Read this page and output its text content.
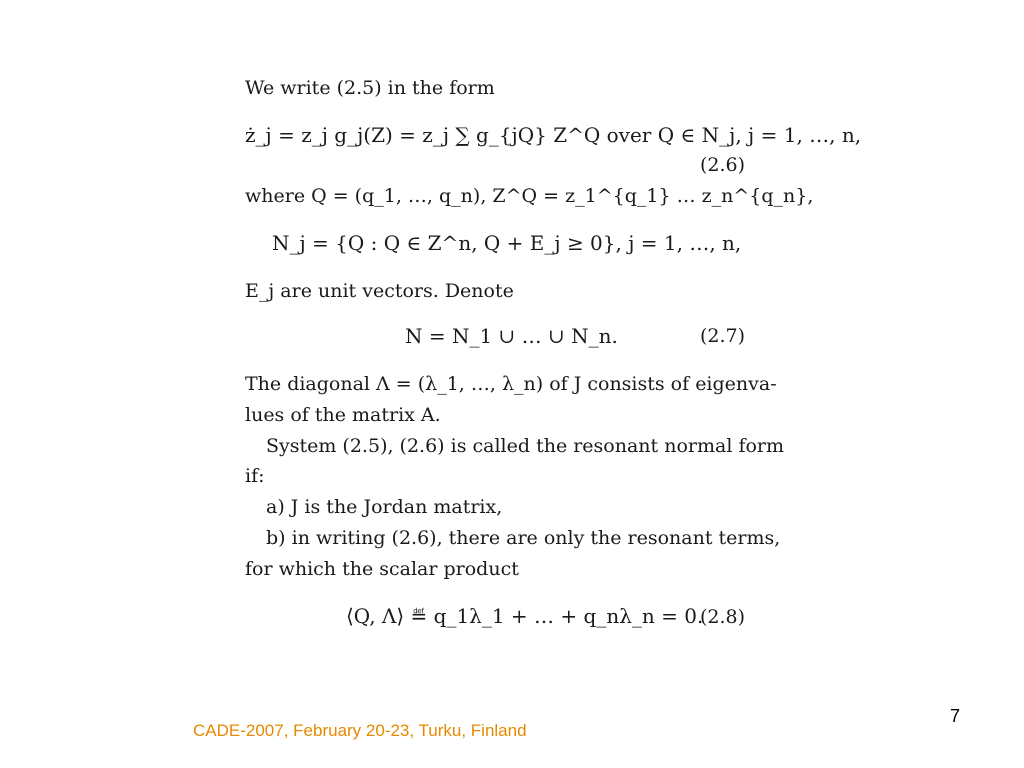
We write (2.5) in the form
ż_j = z_j g_j(Z) = z_j ∑ g_{jQ} Z^Q over Q ∈ N_j, j = 1, …, n,
(2.6)
where Q = (q_1, …, q_n), Z^Q = z_1^{q_1} … z_n^{q_n},
N_j = {Q : Q ∈ Z^n, Q + E_j ≥ 0}, j = 1, …, n,
E_j are unit vectors. Denote
N = N_1 ∪ … ∪ N_n.	(2.7)
The diagonal Λ = (λ_1, …, λ_n) of J consists of eigenva-
lues of the matrix A.
System (2.5), (2.6) is called the resonant normal form
if:
a) J is the Jordan matrix,
b) in writing (2.6), there are only the resonant terms,
for which the scalar product
⟨Q, Λ⟩ ≝ q_1λ_1 + … + q_nλ_n = 0.
(2.8)
CADE-2007, February 20-23, Turku, Finland
7
